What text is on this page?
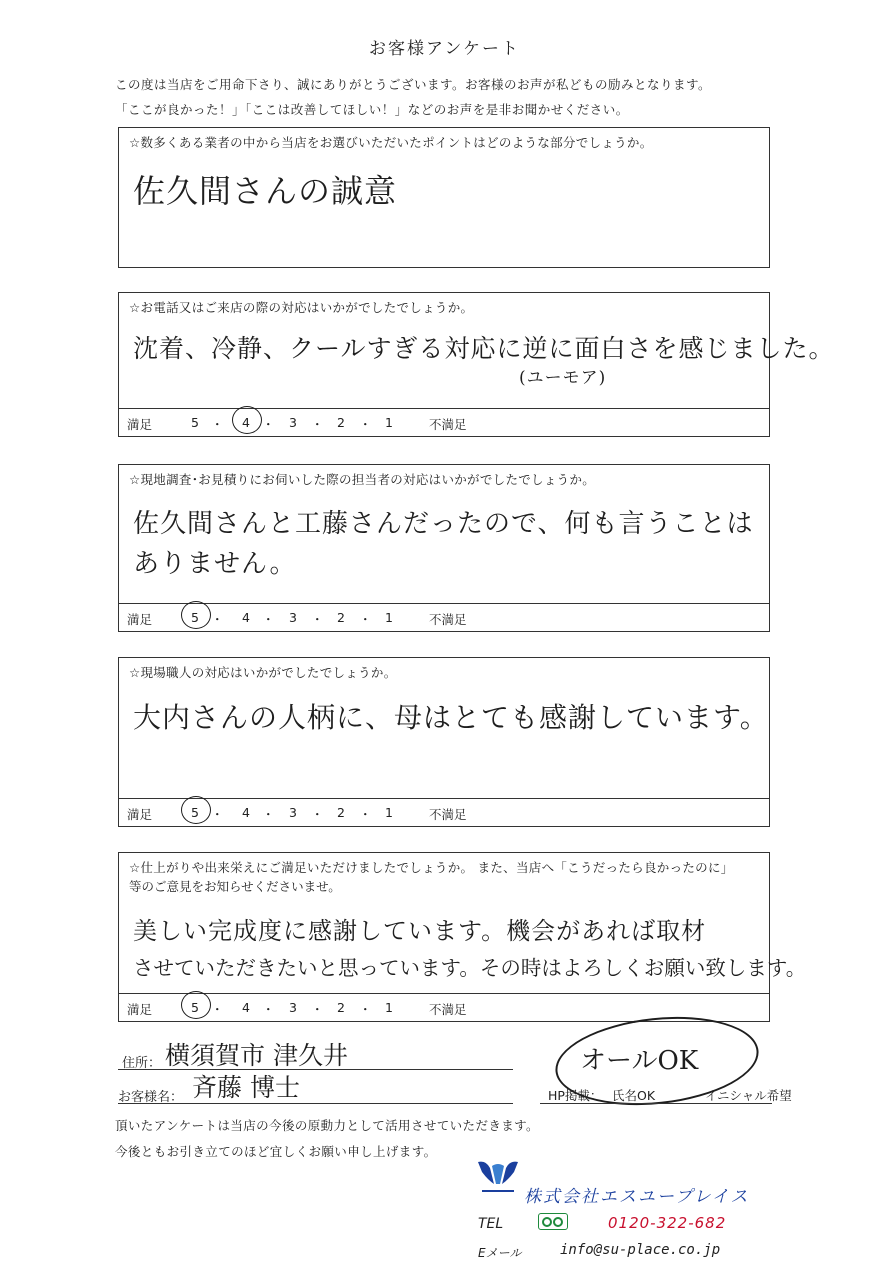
お客様アンケート
この度は当店をご用命下さり、誠にありがとうございます。お客様のお声が私どもの励みとなります。
「ここが良かった！」「ここは改善してほしい！」などのお声を是非お聞かせください。
☆数多くある業者の中から当店をお選びいただいたポイントはどのような部分でしょうか。
佐久間さんの誠意
☆お電話又はご来店の際の対応はいかがでしたでしょうか。
沈着、冷静、クールすぎる対応に逆に面白さを感じました。
(ユーモア)
満足	5 ・ 4 ・ 3 ・ 2 ・ 1	不満足
☆現地調査･お見積りにお伺いした際の担当者の対応はいかがでしたでしょうか。
佐久間さんと工藤さんだったので、何も言うことは
ありません。
満足	5 ・ 4 ・ 3 ・ 2 ・ 1	不満足
☆現場職人の対応はいかがでしたでしょうか。
大内さんの人柄に、母はとても感謝しています。
満足	5 ・ 4 ・ 3 ・ 2 ・ 1	不満足
☆仕上がりや出来栄えにご満足いただけましたでしょうか。 また、当店へ「こうだったら良かったのに」
等のご意見をお知らせくださいませ。
美しい完成度に感謝しています。機会があれば取材
させていただきたいと思っています。その時はよろしくお願い致します。
満足	5 ・ 4 ・ 3 ・ 2 ・ 1	不満足
住所： 横須賀市 津久井
お客様名： 斉藤 博士
オールOK
HP掲載： 氏名OK	イニシャル希望
頂いたアンケートは当店の今後の原動力として活用させていただきます。
今後ともお引き立てのほど宜しくお願い申し上げます。
株式会社エスユープレイス
TEL	0120-322-682
Eメール	info@su-place.co.jp
